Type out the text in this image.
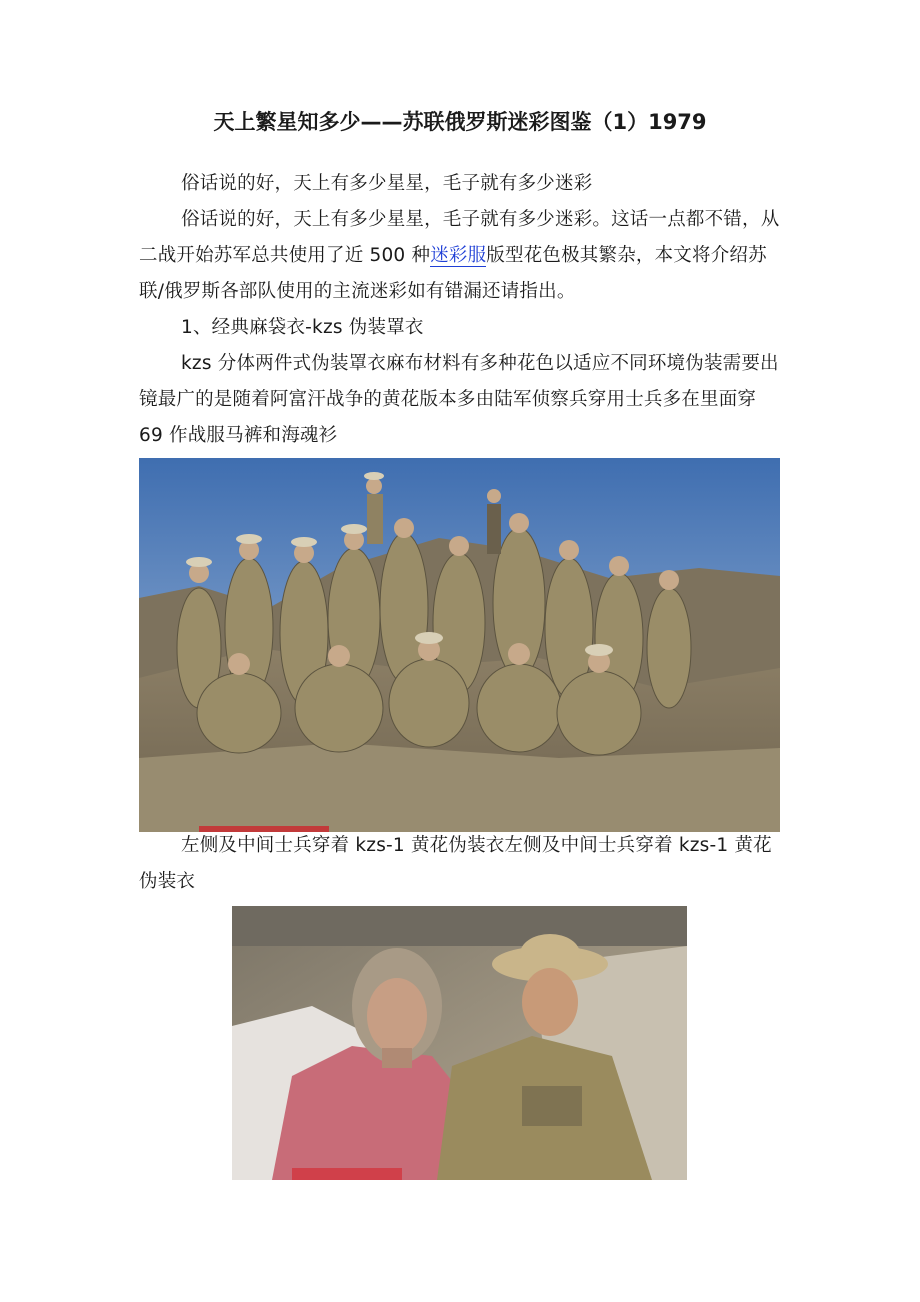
天上繁星知多少——苏联俄罗斯迷彩图鉴（1）1979

俗话说的好，天上有多少星星，毛子就有多少迷彩

俗话说的好，天上有多少星星，毛子就有多少迷彩。这话一点都不错，从二战开始苏军总共使用了近 500 种迷彩服版型花色极其繁杂，本文将介绍苏联/俄罗斯各部队使用的主流迷彩如有错漏还请指出。

1、经典麻袋衣-kzs 伪装罩衣

kzs 分体两件式伪装罩衣麻布材料有多种花色以适应不同环境伪装需要出镜最广的是随着阿富汗战争的黄花版本多由陆军侦察兵穿用士兵多在里面穿 69 作战服马裤和海魂衫

左侧及中间士兵穿着 kzs-1 黄花伪装衣左侧及中间士兵穿着 kzs-1 黄花伪装衣
